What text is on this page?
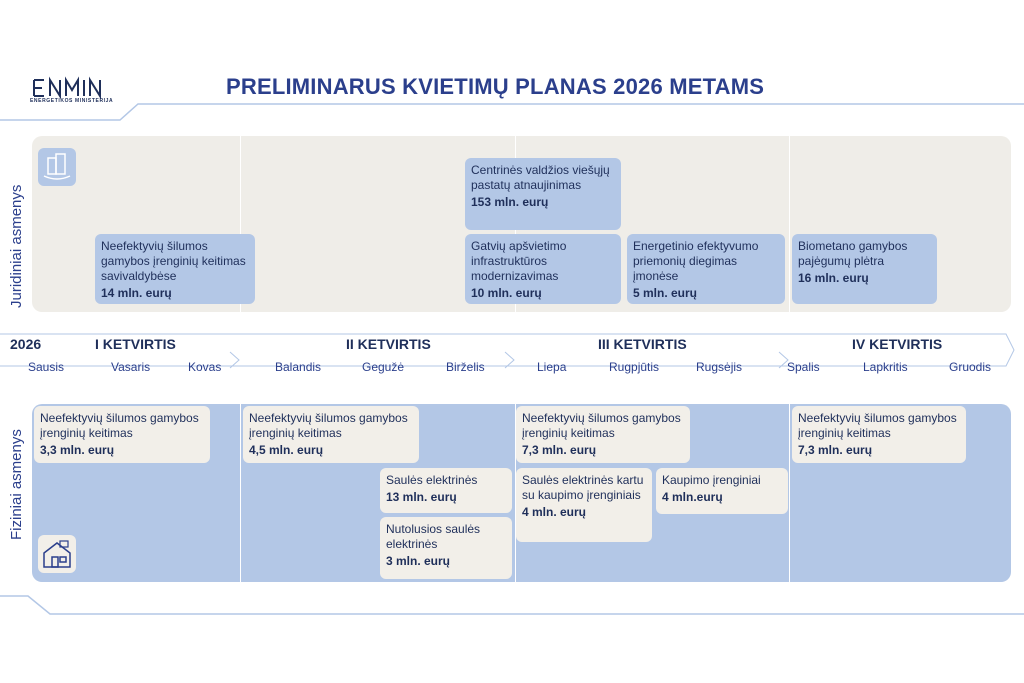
ENERGETIKOS MINISTERIJA
PRELIMINARUS KVIETIMŲ PLANAS 2026 METAMS
Juridiniai asmenys
Fiziniai asmenys
2026	I KETVIRTIS	II KETVIRTIS	III KETVIRTIS	IV KETVIRTIS
Sausis	Vasaris	Kovas	Balandis	Gegužė	Birželis	Liepa	Rugpjūtis	Rugsėjis	Spalis	Lapkritis	Gruodis
Neefektyvių šilumos gamybos įrenginių keitimas savivaldybėse
14 mln. eurų
Centrinės valdžios viešųjų pastatų atnaujinimas
153 mln. eurų
Gatvių apšvietimo infrastruktūros modernizavimas
10 mln. eurų
Energetinio efektyvumo priemonių diegimas įmonėse
5 mln. eurų
Biometano gamybos pajėgumų plėtra
16 mln. eurų
Neefektyvių šilumos gamybos įrenginių keitimas
3,3 mln. eurų
Neefektyvių šilumos gamybos įrenginių keitimas
4,5 mln. eurų
Saulės elektrinės
13 mln. eurų
Nutolusios saulės elektrinės
3 mln. eurų
Neefektyvių šilumos gamybos įrenginių keitimas
7,3 mln. eurų
Saulės elektrinės kartu su kaupimo įrenginiais
4 mln. eurų
Kaupimo įrenginiai
4 mln.eurų
Neefektyvių šilumos gamybos įrenginių keitimas
7,3 mln. eurų
